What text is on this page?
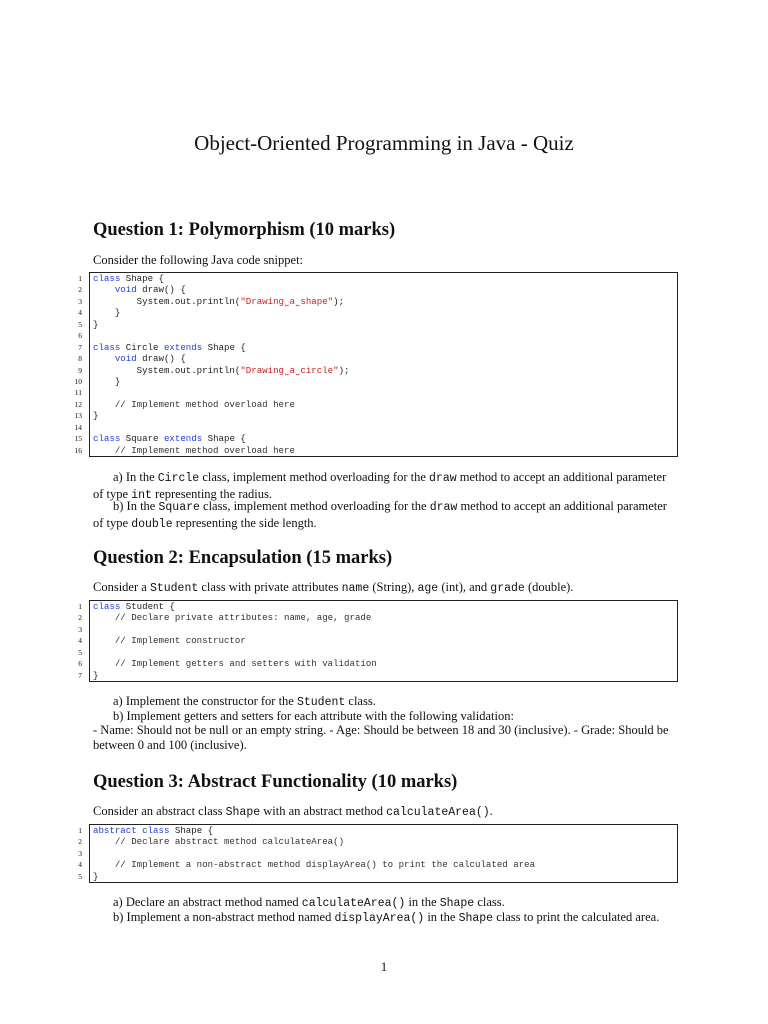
Object-Oriented Programming in Java - Quiz
Question 1: Polymorphism (10 marks)
Consider the following Java code snippet:
1 class Shape {
2	void draw() {
3 System.out.println("Drawing˽a˽shape");
4 }
5 }
6
7 class Circle extends Shape {
8	void draw() {
9 System.out.println("Drawing˽a˽circle");
10 }
11
12 // Implement method overload here
13 }
14
15 class Square extends Shape {
16 // Implement method overload here
a) In the Circle class, implement method overloading for the draw method to accept an additional parameter of type int representing the radius.
b) In the Square class, implement method overloading for the draw method to accept an additional parameter of type double representing the side length.
Question 2: Encapsulation (15 marks)
Consider a Student class with private attributes name (String), age (int), and grade (double).
1 class Student {
2 // Declare private attributes: name, age, grade
3
4 // Implement constructor
5
6 // Implement getters and setters with validation
7 }
a) Implement the constructor for the Student class.
b) Implement getters and setters for each attribute with the following validation:
- Name: Should not be null or an empty string. - Age: Should be between 18 and 30 (inclusive). - Grade: Should be between 0 and 100 (inclusive).
Question 3: Abstract Functionality (10 marks)
Consider an abstract class Shape with an abstract method calculateArea().
1 abstract class Shape {
2 // Declare abstract method calculateArea()
3
4 // Implement a non-abstract method displayArea() to print the calculated area
5 }
a) Declare an abstract method named calculateArea() in the Shape class.
b) Implement a non-abstract method named displayArea() in the Shape class to print the calculated area.
1
